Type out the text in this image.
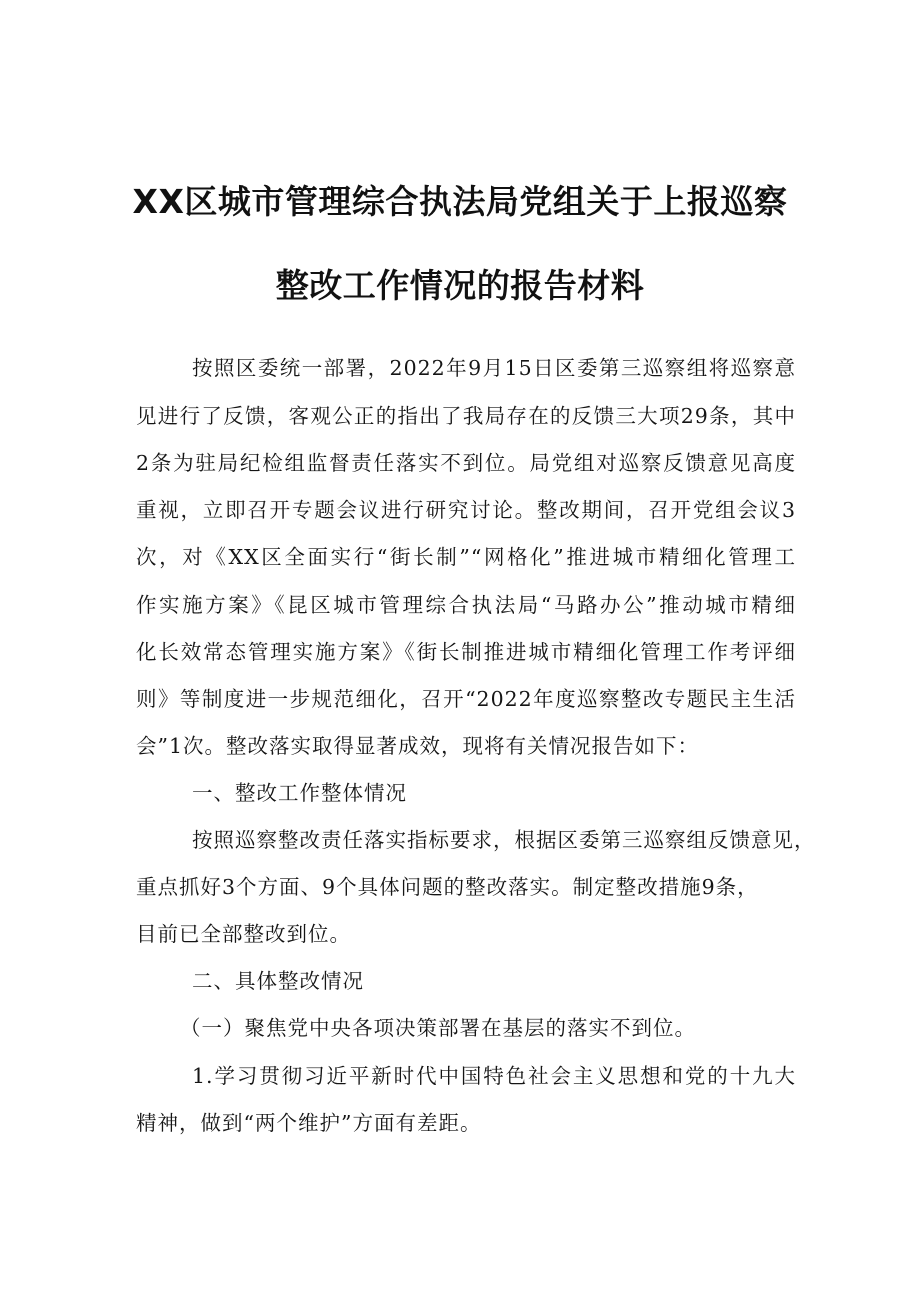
XX区城市管理综合执法局党组关于上报巡察
整改工作情况的报告材料
按照区委统一部署，2022年9月15日区委第三巡察组将巡察意
见进行了反馈，客观公正的指出了我局存在的反馈三大项29条，其中
2条为驻局纪检组监督责任落实不到位。局党组对巡察反馈意见高度
重视，立即召开专题会议进行研究讨论。整改期间，召开党组会议3
次，对《XX区全面实行“街长制”“网格化”推进城市精细化管理工
作实施方案》《昆区城市管理综合执法局“马路办公”推动城市精细
化长效常态管理实施方案》《街长制推进城市精细化管理工作考评细
则》等制度进一步规范细化，召开“2022年度巡察整改专题民主生活
会”1次。整改落实取得显著成效，现将有关情况报告如下：
一、整改工作整体情况
按照巡察整改责任落实指标要求，根据区委第三巡察组反馈意见，
重点抓好3个方面、9个具体问题的整改落实。制定整改措施9条，
目前已全部整改到位。
二、具体整改情况
（一）聚焦党中央各项决策部署在基层的落实不到位。
1.学习贯彻习近平新时代中国特色社会主义思想和党的十九大
精神，做到“两个维护”方面有差距。
